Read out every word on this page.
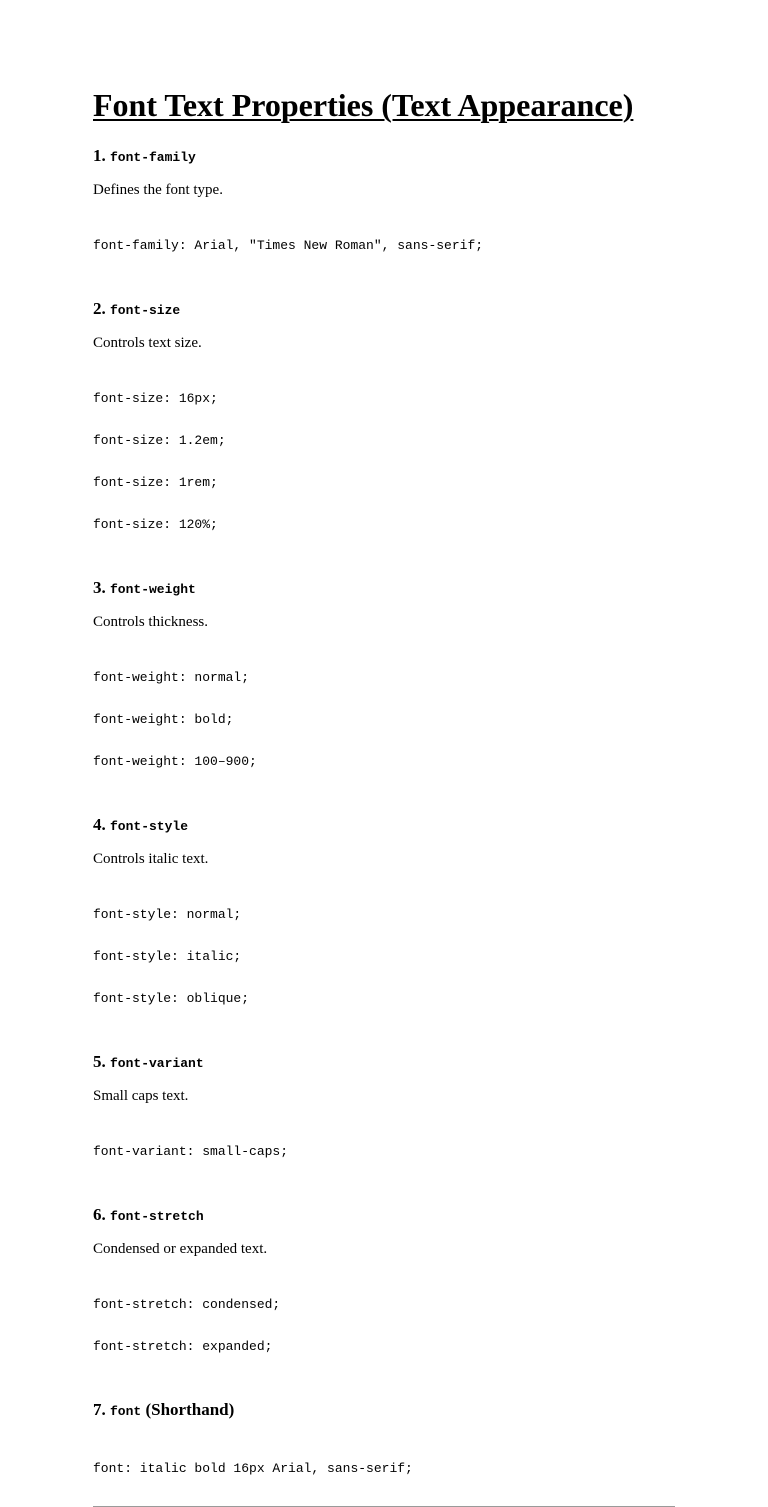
Font Text Properties (Text Appearance)
1. font-family

Defines the font type.

font-family: Arial, "Times New Roman", sans-serif;

2. font-size

Controls text size.

font-size: 16px;

font-size: 1.2em;

font-size: 1rem;

font-size: 120%;

3. font-weight

Controls thickness.

font-weight: normal;

font-weight: bold;

font-weight: 100–900;

4. font-style

Controls italic text.

font-style: normal;

font-style: italic;

font-style: oblique;

5. font-variant

Small caps text.

font-variant: small-caps;

6. font-stretch

Condensed or expanded text.

font-stretch: condensed;

font-stretch: expanded;

7. font (Shorthand)

font: italic bold 16px Arial, sans-serif;
